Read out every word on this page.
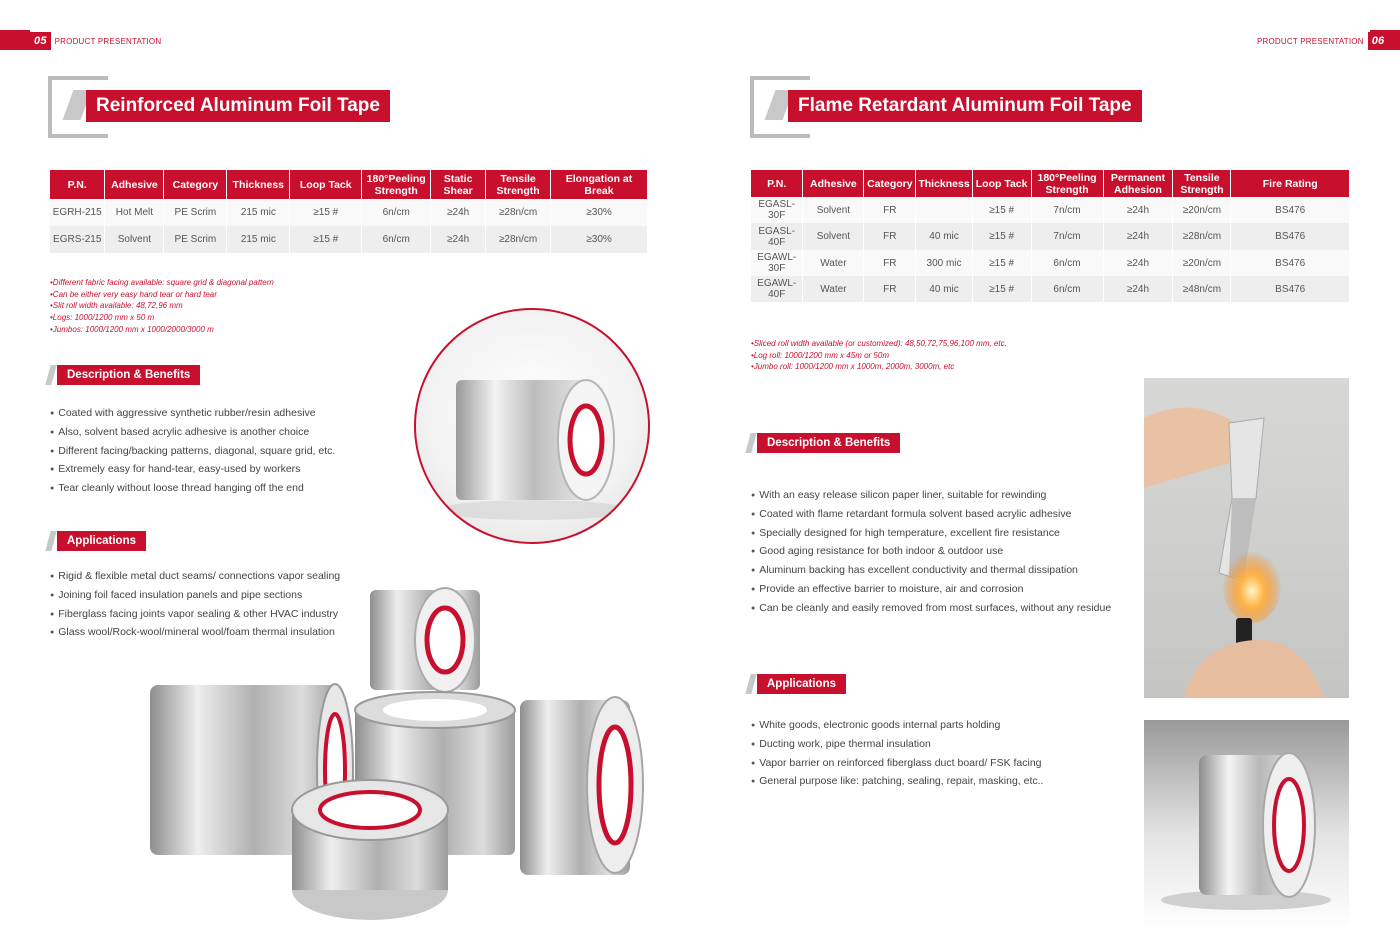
05	PRODUCT PRESENTATION
Reinforced Aluminum Foil Tape
P.N.	Adhesive	Category	Thickness	Loop Tack	180°Peeling Strength	Static Shear	Tensile Strength	Elongation at Break
EGRH-215	Hot Melt	PE Scrim	215 mic	≥15 #	6n/cm	≥24h	≥28n/cm	≥30%
EGRS-215	Solvent	PE Scrim	215 mic	≥15 #	6n/cm	≥24h	≥28n/cm	≥30%
•Different fabric facing available: square grid & diagonal pattern
•Can be either very easy hand tear or hard tear
•Slit roll width available: 48,72,96 mm
•Logs: 1000/1200 mm x 50 m
•Jumbos: 1000/1200 mm x 1000/2000/3000 m
Description & Benefits
● Coated with aggressive synthetic rubber/resin adhesive
● Also, solvent based acrylic adhesive is another choice
● Different facing/backing patterns, diagonal, square grid, etc.
● Extremely easy for hand-tear, easy-used by workers
● Tear cleanly without loose thread hanging off the end
Applications
● Rigid & flexible metal duct seams/ connections vapor sealing
● Joining foil faced insulation panels and pipe sections
● Fiberglass facing joints vapor sealing & other HVAC industry
● Glass wool/Rock-wool/mineral wool/foam thermal insulation
PRODUCT PRESENTATION 06
Flame Retardant Aluminum Foil Tape
P.N.	Adhesive	Category	Thickness	Loop Tack	180°Peeling Strength	Permanent Adhesion	Tensile Strength	Fire Rating
EGASL-30F	Solvent	FR		≥15 #	7n/cm	≥24h	≥20n/cm	BS476
EGASL-40F	Solvent	FR	40 mic	≥15 #	7n/cm	≥24h	≥28n/cm	BS476
EGAWL-30F	Water	FR	300 mic	≥15 #	6n/cm	≥24h	≥20n/cm	BS476
EGAWL-40F	Water	FR	40 mic	≥15 #	6n/cm	≥24h	≥48n/cm	BS476
•Sliced roll width available (or customized): 48,50,72,75,96,100 mm, etc.
•Log roll: 1000/1200 mm x 45m or 50m
•Jumbo roll: 1000/1200 mm x 1000m, 2000m, 3000m, etc
Description & Benefits
● With an easy release silicon paper liner, suitable for rewinding
● Coated with flame retardant formula solvent based acrylic adhesive
● Specially designed for high temperature, excellent fire resistance
● Good aging resistance for both indoor & outdoor use
● Aluminum backing has excellent conductivity and thermal dissipation
● Provide an effective barrier to moisture, air and corrosion
● Can be cleanly and easily removed from most surfaces, without any residue
Applications
● White goods, electronic goods internal parts holding
● Ducting work, pipe thermal insulation
● Vapor barrier on reinforced fiberglass duct board/ FSK facing
● General purpose like: patching, sealing, repair, masking, etc..
